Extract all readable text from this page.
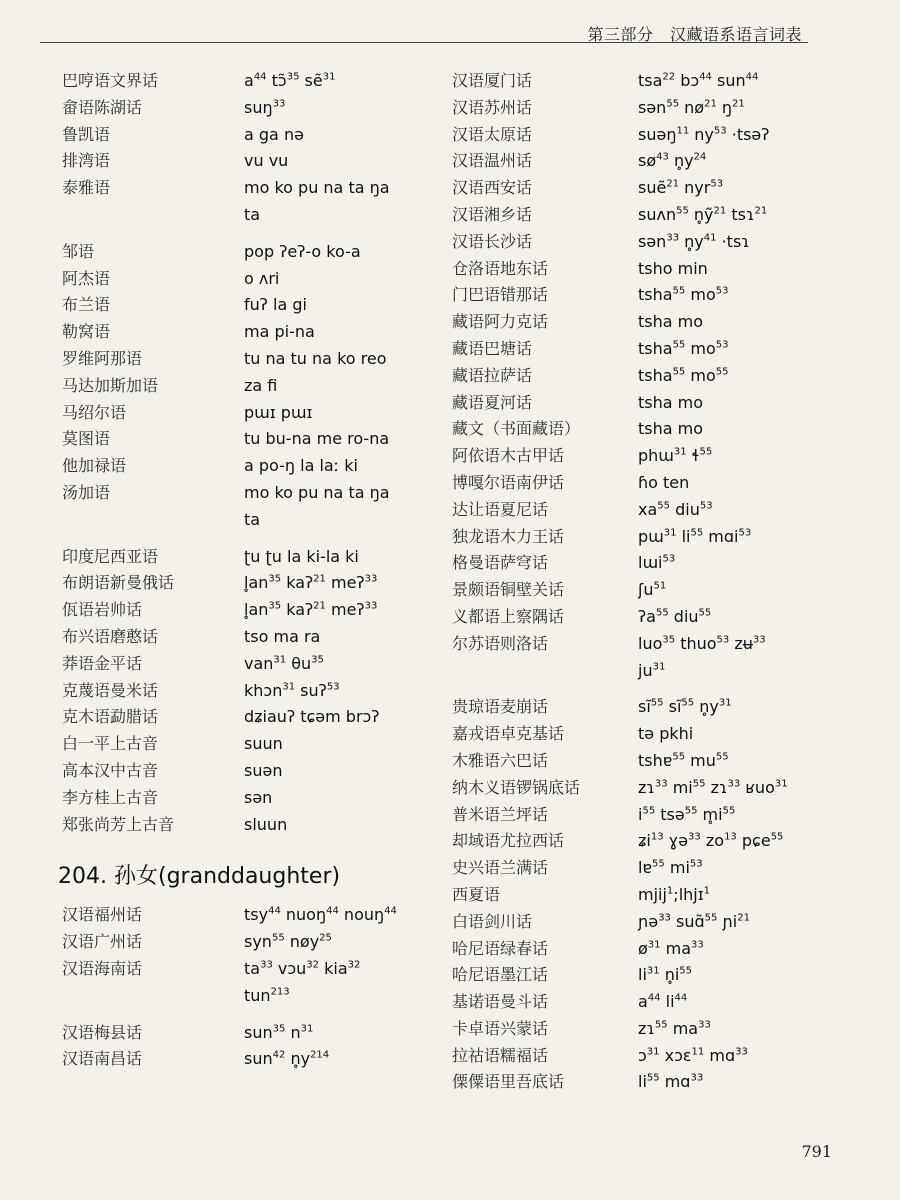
第三部分　汉藏语系语言词表
巴哼语文界话	$a^{44}$ tɔ̃$^{35}$ sẽ$^{31}$
畲语陈湖话	suŋ$^{33}$
鲁凯语	a ga nə
排湾语	vu vu
泰雅语	mo ko pu na ta ŋa
ta
邹语	pop ʔeʔ-o ko-a
阿杰语	o ʌri
布兰语	fuʔ la gi
勒窝语	ma pi-na
罗维阿那语	tu na tu na ko reo
马达加斯加语	za fi
马绍尔语	pɯɪ pɯɪ
莫图语	tu bu-na me ro-na
他加禄语	a po-ŋ la laː ki
汤加语	mo ko pu na ta ŋa
ta
印度尼西亚语	ʈu ʈu la ki-la ki
布朗语新曼俄话	$l̥an^{35}$ kaʔ$^{21}$ meʔ$^{33}$
佤语岩帅话	$l̥an^{35}$ kaʔ$^{21}$ meʔ$^{33}$
布兴语磨憨话	tso ma ra
莽语金平话	van$^{31}$ $\theta u^{35}$
克蔑语曼米话	khɔn$^{31}$ suʔ$^{53}$
克木语勐腊话	dʑiauʔ tɕəm brɔʔ
白一平上古音	suun
高本汉中古音	suən
李方桂上古音	sən
郑张尚芳上古音	sluun
204. 孙女(granddaughter)
汉语福州话	tsy$^{44}$ nuoŋ$^{44}$ nouŋ$^{44}$
汉语广州话	syn$^{55}$ nøy$^{25}$
汉语海南话	$ta^{33}$ vɔu$^{32}$ kia$^{32}$
tun$^{213}$
汉语梅县话	sun$^{35}$ $n^{31}$
汉语南昌话	sun$^{42}$ $n̥y^{214}$
汉语厦门话	tsa$^{22}$ bɔ$^{44}$ sun$^{44}$
汉语苏州话	sən$^{55}$ $nø^{21}$ $ŋ^{21}$
汉语太原话	suəŋ$^{11}$ $ny^{53}$ ·tsəʔ
汉语温州话	$sø^{43}$ $n̥y^{24}$
汉语西安话	suẽ$^{21}$ nyr$^{53}$
汉语湘乡话	suʌn$^{55}$ n̥ỹ$^{21}$ tsɿ$^{21}$
汉语长沙话	sən$^{33}$ $n̥y^{41}$ ·tsɿ
仓洛语地东话	tsho min
门巴语错那话	tsha$^{55}$ $mo^{53}$
藏语阿力克话	tsha mo
藏语巴塘话	tsha$^{55}$ $mo^{53}$
藏语拉萨话	tsha$^{55}$ $mo^{55}$
藏语夏河话	tsha mo
藏文（书面藏语）	tsha mo
阿依语木古甲话	phɯ$^{31}$ ɬ$^{55}$
博嘎尔语南伊话	ɦo ten
达让语夏尼话	$xa^{55}$ diu$^{53}$
独龙语木力王话	pɯ$^{31}$ $li^{55}$ mɑi$^{53}$
格曼语萨穹话	lɯi$^{53}$
景颇语铜壁关话	ʃu$^{51}$
义都语上察隅话	ʔa$^{55}$ diu$^{55}$
尔苏语则洛话	luo$^{35}$ thuo$^{53}$ zʉ$^{33}$
$ju^{31}$
贵琼语麦崩话	$sĩ^{55}$ $sĩ^{55}$ $n̥y^{31}$
嘉戎语卓克基话	tə pkhi
木雅语六巴话	tshɐ$^{55}$ $mu^{55}$
纳木义语锣锅底话	zɿ$^{33}$ $mi^{55}$ zɿ$^{33}$ ʁuo$^{31}$
普米语兰坪话	$i^{55}$ tsə$^{55}$ $m̥i^{55}$
却域语尤拉西话	ʑi$^{13}$ ɣə$^{33}$ $zo^{13}$ pɕe$^{55}$
史兴语兰满话	lɐ$^{55}$ $mi^{53}$
西夏语	mjij$^1$;lhjɪ$^1$
白语剑川话	ɲə$^{33}$ suɑ̃$^{55}$ ɲi$^{21}$
哈尼语绿春话	$ø^{31}$ $ma^{33}$
哈尼语墨江话	$li^{31}$ $n̥i^{55}$
基诺语曼斗话	$a^{44}$ $li^{44}$
卡卓语兴蒙话	zɿ$^{55}$ $ma^{33}$
拉祜语糯福话	ɔ$^{31}$ xɔɛ$^{11}$ mɑ$^{33}$
傈僳语里吾底话	$li^{55}$ mɑ$^{33}$
791
